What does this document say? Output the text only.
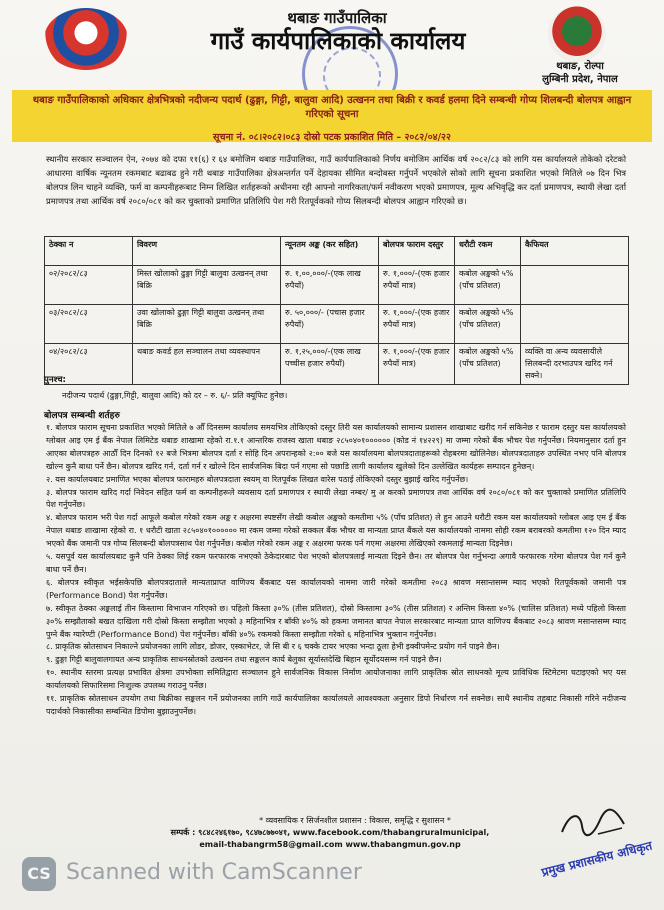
थबाङ गाउँपालिका
गाउँ कार्यपालिकाको कार्यालय
थबाङ, रोल्पा
लुम्बिनी प्रदेश, नेपाल
थबाङ गाउँपालिकाको अधिकार क्षेत्रभित्रको नदीजन्य पदार्थ (ढुङ्गा, गिट्टी, बालुवा आदि) उत्खनन तथा बिक्री र कवर्ड हलमा दिने सम्बन्धी गोप्य शिलबन्दी बोलपत्र आह्वान गरिएको सूचना
सूचना नं. ०८।२०८२।०८३ दोस्रो पटक प्रकाशित मिति – २०८२/०४/२२
स्थानीय सरकार सञ्चालन ऐन, २०७४ को दफा ११(६) र ६४ बमोजिम थबाङ गाउँपालिका, गाउँ कार्यपालिकाको निर्णय बमोजिम आर्थिक वर्ष २०८२/८३ को लागि यस कार्यालयले तोकेको दरेटको आधारमा वार्षिक न्यूनतम रकमबाट बढाबढ हुने गरी थबाङ गाउँपालिका क्षेत्रअन्तर्गत पर्ने देहायका सीमित बन्दोबस्त गर्नुपर्ने भएकोले सोको लागि सूचना प्रकाशित भएको मितिले ०७ दिन भित्र बोलपत्र लिन चाहने व्यक्ति, फर्म वा कम्पनीहरूबाट निम्न लिखित शर्तहरूको अधीनमा रही आफ्नो नागरिकता/फर्म नवीकरण भएको प्रमाणपत्र, मूल्य अभिवृद्धि कर दर्ता प्रमाणपत्र, स्थायी लेखा दर्ता प्रमाणपत्र तथा आर्थिक वर्ष २०८०/०८१ को कर चुक्ताको प्रमाणित प्रतिलिपि पेश गरी रितपूर्वकको गोप्य सिलबन्दी बोलपत्र आह्वान गरिएको छ।
ठेक्का न	विवरण	न्यूनतम अङ्क (कर सहित)	बोलपत्र फाराम दस्तुर	धरौटी रकम	कैफियत
०२/२०८२/८३	मिस्त खोलाको ढुङ्गा गिट्टी बालुवा उत्खनन् तथा बिक्रि	रु. १,००,०००/-(एक लाख रुपैयाँ)	रु. १,०००/-(एक हजार रुपैयाँ मात्र)	कबोल अङ्कको ५% (पाँच प्रतिशत)	
०३/२०८२/८३	उवा खोलाको ढुङ्गा गिट्टी बालुवा उत्खनन् तथा बिक्रि	रु. ५०,०००/- (पचास हजार रुपैयाँ)	रु. १,०००/-(एक हजार रुपैयाँ मात्र)	कबोल अङ्कको ५% (पाँच प्रतिशत)	
०४/२०८२/८३	थबाङ कवर्ड हल सञ्चालन तथा व्यवस्थापन	रु. १,२५,०००/-(एक लाख पच्चीस हजार रुपैयाँ)	रु. १,०००/-(एक हजार रुपैयाँ मात्र)	कबोल अङ्कको ५% (पाँच प्रतिशत)	व्यक्ति वा अन्य व्यवसायीले सिलबन्दी दरभाउपत्र खरिद गर्न सक्ने।
पुनश्च:
नदीजन्य पदार्थ (ढुङ्गा,गिट्टी, बालुवा आदि) को दर – रु. ६/- प्रति क्यूफिट हुनेछ।
बोलपत्र सम्बन्धी शर्तहरु

१. बोलपत्र फाराम सूचना प्रकाशित भएको मितिले ७ औँ दिनसम्म कार्यालय समयभित्र तोकिएको दस्तुर तिरी यस कार्यालयको सामान्य प्रशासन शाखाबाट खरीद गर्न सकिनेछ र फाराम दस्तुर यस कार्यालयको ग्लोबल आइ एम ई बैंक नेपाल लिमिटेड थबाङ शाखामा रहेको रा.१.१ आन्तरिक राजस्व खाता थबाङ २८५०४०१०००००० (कोड नं १४२२९) मा जम्मा गरेको बैंक भौचर पेश गर्नुपर्नेछ। नियमानुसार दर्ता हुन आएका बोलपत्रहरु आठौँ दिन दिनको १२ बजे भित्रमा बोलपत्र दर्ता र सोहि दिन अपरान्हको २:०० बजे यस कार्यालयमा बोलपत्रदाताहरूको रोहबरमा खोलिनेछ। बोलपत्रदाताहरु उपस्थित नभए पनि बोलपत्र खोल्न कुनै बाधा पर्ने छैन। बोलपत्र खरिद गर्न, दर्ता गर्न र खोल्ने दिन सार्वजनिक बिदा पर्न गएमा सो पछाडि लागी कार्यालय खुलेको दिन उल्लेखित कार्यहरू सम्पादन हुनेछन्।

२. यस कार्यालयबाट प्रमाणित भएका बोलपत्र फारामहरु बोलपत्रदाता स्वयम् वा रितपूर्वक लिखत वारेस पठाई तोकिएको दस्तुर बुझाई खरिद गर्नुपर्नेछ।

३. बोलपत्र फाराम खरिद गर्दा निवेदन सहित फर्म वा कम्पनीहरूले व्यवसाय दर्ता प्रमाणपत्र र स्थायी लेखा नम्बर/ मु अ करको प्रमाणपत्र तथा आर्थिक वर्ष २०८०/०८१ को कर चुक्ताको प्रमाणित प्रतिलिपि पेश गर्नुपर्नेछ।

४. बोलपत्र फाराम भरी पेश गर्दा आफूले कबोल गरेको रकम अङ्क र अक्षरमा स्पष्टसँग लेखी कबोल अङ्कको कमतीमा ५% (पाँच प्रतिशत) ले हुन आउने धरौटी रकम यस कार्यालयको ग्लोबल आइ एम ई बैंक नेपाल थबाङ शाखामा रहेको रा. १ धरौटी खाता २८५०४०१०००००० मा रकम जम्मा गरेको सक्कल बैंक भौचर वा मान्यता प्राप्त बैंकले यस कार्यालयको नाममा सोही रकम बराबरको कमतीमा १२० दिन म्याद भएको बैंक जमानी पत्र गोप्य सिलबन्दी बोलपत्रसाथ पेश गर्नुपर्नेछ। कबोल गरेको रकम अङ्क र अक्षरमा फरक पर्न गएमा अक्षरमा लेखिएको रकमलाई मान्यता दिइनेछ।

५. यसपूर्व यस कार्यालयबाट कुनै पनि ठेक्का लिई रकम फरफारक नभएको ठेकेदारबाट पेश भएको बोलपत्रलाई मान्यता दिइने छैन। तर बोलपत्र पेश गर्नुभन्दा अगावै फरफारक गरेमा बोलपत्र पेश गर्न कुनै बाधा पर्ने छैन।

६. बोलपत्र स्वीकृत भईसकेपछि बोलपत्रदाताले मान्यताप्राप्त वाणिज्य बैंकबाट यस कार्यालयको नाममा जारी गरेको कमतीमा २०८३ श्रावण मसान्तसम्म म्याद भएको रितपूर्वकको जमानी पत्र (Performance Bond) पेश गर्नुपर्नेछ।

७. स्वीकृत ठेक्का अङ्कलाई तीन किस्तामा विभाजन गरिएको छ। पहिलो किस्ता ३०% (तीस प्रतिशत), दोस्रो किस्तामा ३०% (तीस प्रतिशत) र अन्तिम किस्ता ४०% (चालिस प्रतिशत) मध्ये पहिलो किस्ता ३०% सम्झौताको बखत दाखिला गरी दोस्रो किस्ता सम्झौता भएको ३ महिनाभित्र र बाँकी ४०% को हकमा जमानत बापत नेपाल सरकारबाट मान्यता प्राप्त वाणिज्य बैंकबाट २०८३ श्रावण मसान्तसम्म म्याद पुग्ने बैंक ग्यारेण्टी (Performance Bond) पेश गर्नुपर्नेछ। बाँकी ४०% रकमको किस्ता सम्झौता गरेको ६ महिनाभित्र भुक्तान गर्नुपर्नेछ।

८. प्राकृतिक स्रोतसाधन निकाल्ने प्रयोजनका लागि लोडर, डोजर, एस्काभेटर, जे सि बी र ६ चक्के टायर भएका भन्दा ठूला हेभी इक्वीपमेन्ट प्रयोग गर्न पाइने छैन।

९. ढुङ्गा गिट्टी बालुवालगायत अन्य प्राकृतिक साधनस्रोतको उत्खनन तथा सङ्कलन कार्य बेलुका सूर्यास्तदेखि बिहान सूर्योदयसम्म गर्न पाइने छैन।

१०. स्थानीय स्तरमा प्रत्यक्ष प्रभावित क्षेत्रमा उपभोक्ता समितिद्वारा सञ्चालन हुने सार्वजनिक विकास निर्माण आयोजनाका लागि प्राकृतिक स्रोत साधनको मूल्य प्राविधिक स्टिमेटमा घटाइएको भए यस कार्यालयको सिफारिसमा निःशुल्क उपलब्ध गराउनु पर्नेछ।

११. प्राकृतिक स्रोतसाधन उपयोग तथा बिक्रीका सङ्कलन गर्ने प्रयोजनका लागि गाउँ कार्यपालिका कार्यालयले आवश्यकता अनुसार डिपो निर्धारण गर्न सक्नेछ। साथै स्थानीय तहबाट निकासी गरिने नदीजन्य पदार्थको निकासीका सम्बन्धित डिपोमा बुझाउनुपर्नेछ।

* व्यवसायिक र सिर्जनशील प्रशासन : विकास, समृद्धि र सुशासन *
सम्पर्क : ९८४८२४६१७०, ९८४७८७७०४१, www.facebook.com/thabangruralmunicipal,
email-thabangrm58@gmail.com www.thabangmun.gov.np	प्रमुख प्रशासकीय अधिकृत
CS Scanned with CamScanner
